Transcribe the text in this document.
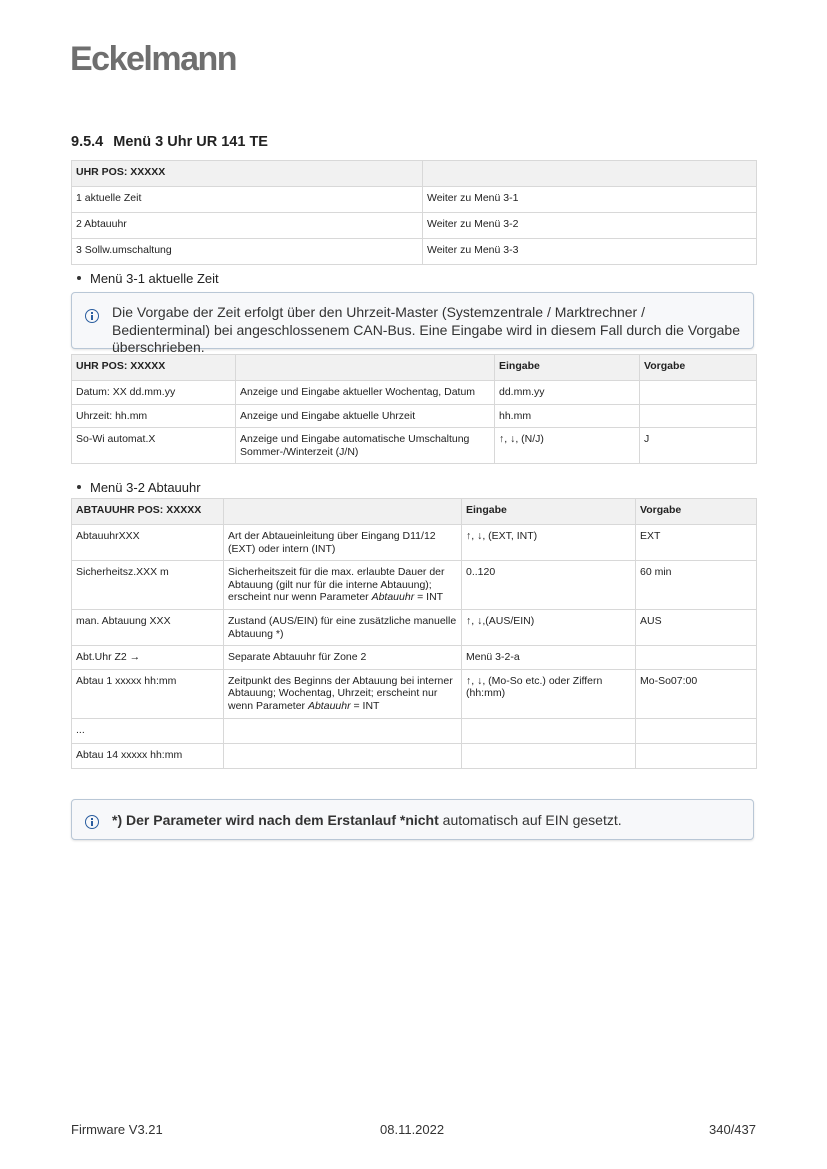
Eckelmann
9.5.4 Menü 3 Uhr UR 141 TE
UHR POS: XXXXX	
1 aktuelle Zeit	Weiter zu Menü 3-1
2 Abtauuhr	Weiter zu Menü 3-2
3 Sollw.umschaltung	Weiter zu Menü 3-3
Menü 3-1 aktuelle Zeit
Die Vorgabe der Zeit erfolgt über den Uhrzeit-Master (Systemzentrale / Marktrechner / Bedienterminal) bei angeschlossenem CAN-Bus. Eine Eingabe wird in diesem Fall durch die Vorgabe überschrieben.
UHR POS: XXXXX		Eingabe	Vorgabe
Datum: XX dd.mm.yy	Anzeige und Eingabe aktueller Wochentag, Datum	dd.mm.yy	
Uhrzeit: hh.mm	Anzeige und Eingabe aktuelle Uhrzeit	hh.mm	
So-Wi automat.X	Anzeige und Eingabe automatische Umschaltung Sommer-/Winterzeit (J/N)	↑, ↓, (N/J)	J
Menü 3-2 Abtauuhr
ABTAUUHR POS: XXXXX		Eingabe	Vorgabe
AbtauuhrXXX	Art der Abtaueinleitung über Eingang D11/12 (EXT) oder intern (INT)	↑, ↓, (EXT, INT)	EXT
Sicherheitsz.XXX m	Sicherheitszeit für die max. erlaubte Dauer der Abtauung (gilt nur für die interne Abtauung); erscheint nur wenn Parameter Abtauuhr = INT	0..120	60 min
man. Abtauung XXX	Zustand (AUS/EIN) für eine zusätzliche manuelle Abtauung *)	↑, ↓,(AUS/EIN)	AUS
Abt.Uhr Z2 →	Separate Abtauuhr für Zone 2	Menü 3-2-a	
Abtau 1 xxxxx hh:mm	Zeitpunkt des Beginns der Abtauung bei interner Abtauung; Wochentag, Uhrzeit; erscheint nur wenn Parameter Abtauuhr = INT	↑, ↓, (Mo-So etc.) oder Ziffern (hh:mm)	Mo-So07:00
...			
Abtau 14 xxxxx hh:mm			
*) Der Parameter wird nach dem Erstanlauf *nicht automatisch auf EIN gesetzt.
Firmware V3.21	08.11.2022	340/437
